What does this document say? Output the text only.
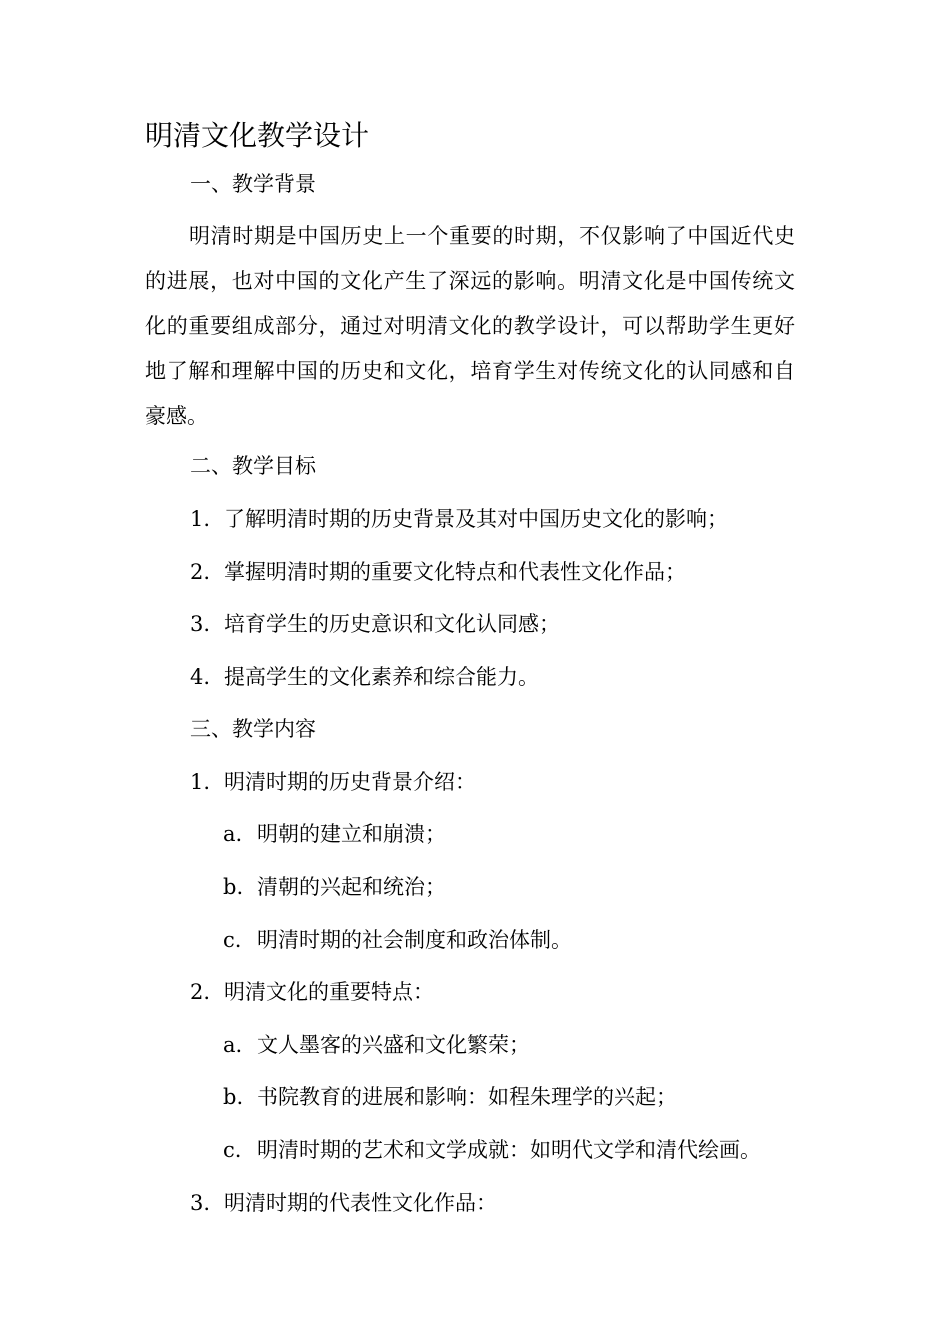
明清文化教学设计
一、教学背景

明清时期是中国历史上一个重要的时期，不仅影响了中国近代史的进展，也对中国的文化产生了深远的影响。明清文化是中国传统文化的重要组成部分，通过对明清文化的教学设计，可以帮助学生更好地了解和理解中国的历史和文化，培育学生对传统文化的认同感和自豪感。

二、教学目标
1. 了解明清时期的历史背景及其对中国历史文化的影响；
2. 掌握明清时期的重要文化特点和代表性文化作品；
3. 培育学生的历史意识和文化认同感；
4. 提高学生的文化素养和综合能力。
三、教学内容
1. 明清时期的历史背景介绍：
a. 明朝的建立和崩溃；
b. 清朝的兴起和统治；
c. 明清时期的社会制度和政治体制。
2. 明清文化的重要特点：
a. 文人墨客的兴盛和文化繁荣；
b. 书院教育的进展和影响：如程朱理学的兴起；
c. 明清时期的艺术和文学成就：如明代文学和清代绘画。
3. 明清时期的代表性文化作品：
